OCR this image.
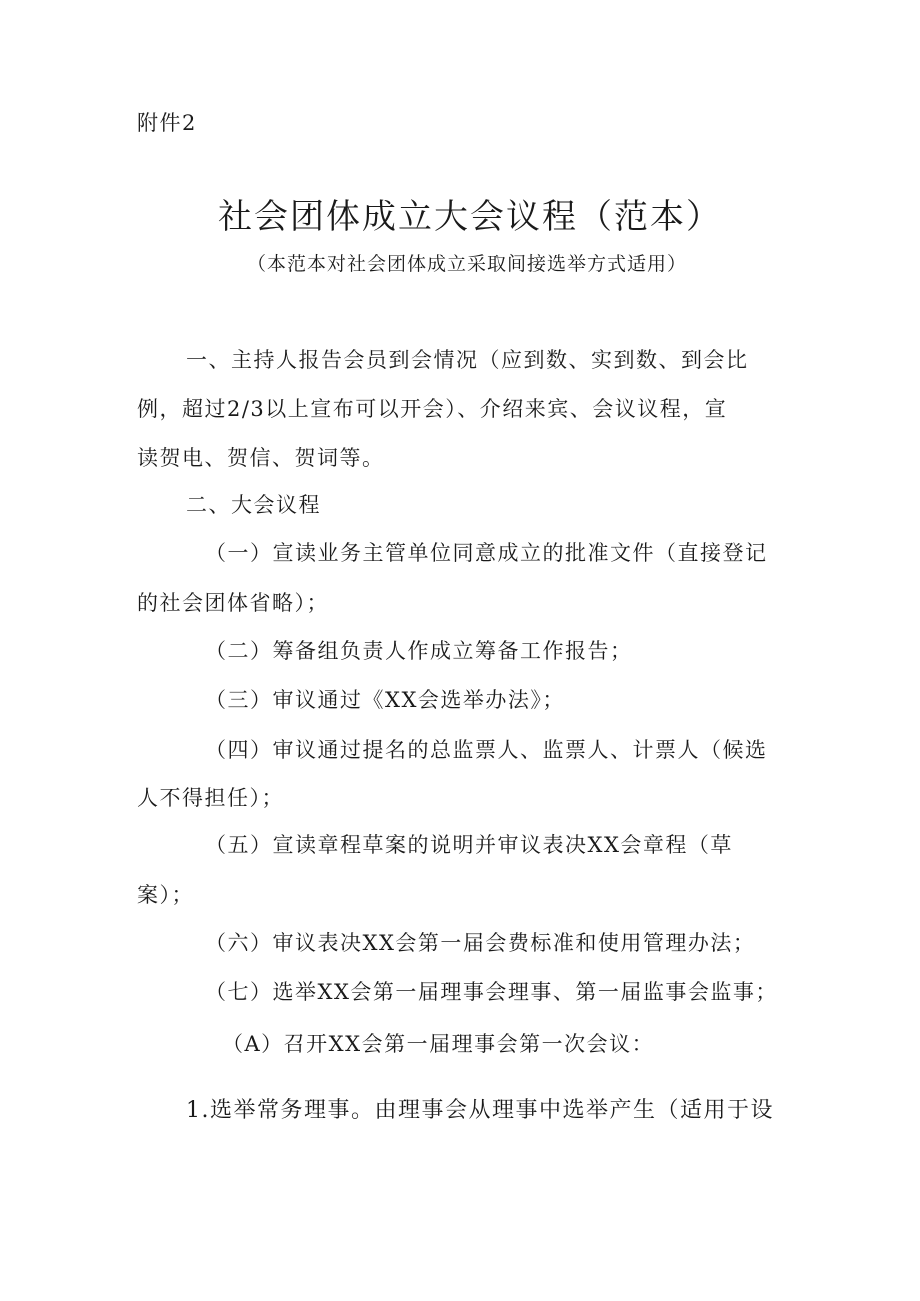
附件2
社会团体成立大会议程（范本）
（本范本对社会团体成立采取间接选举方式适用）
一、主持人报告会员到会情况（应到数、实到数、到会比
例，超过2/3以上宣布可以开会）、介绍来宾、会议议程，宣
读贺电、贺信、贺词等。
二、大会议程
（一）宣读业务主管单位同意成立的批准文件（直接登记
的社会团体省略）；
（二）筹备组负责人作成立筹备工作报告；
（三）审议通过《XX会选举办法》；
（四）审议通过提名的总监票人、监票人、计票人（候选
人不得担任）；
（五）宣读章程草案的说明并审议表决XX会章程（草
案）；
（六）审议表决XX会第一届会费标准和使用管理办法；
（七）选举XX会第一届理事会理事、第一届监事会监事；
（A）召开XX会第一届理事会第一次会议：
1.选举常务理事。由理事会从理事中选举产生（适用于设
